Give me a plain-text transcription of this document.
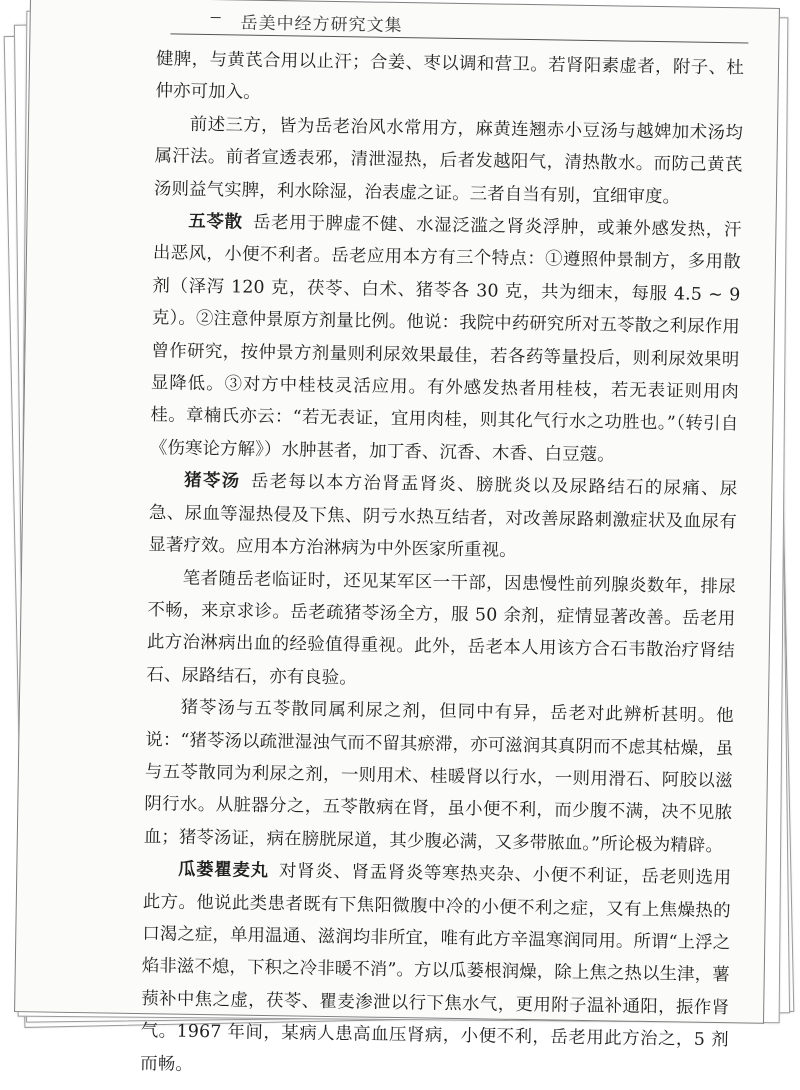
岳美中经方研究文集

健脾，与黄芪合用以止汗；合姜、枣以调和营卫。若肾阳素虚者，附子、杜仲亦可加入。

前述三方，皆为岳老治风水常用方，麻黄连翘赤小豆汤与越婢加术汤均属汗法。前者宣透表邪，清泄湿热，后者发越阳气，清热散水。而防己黄芪汤则益气实脾，利水除湿，治表虚之证。三者自当有别，宜细审度。

五苓散 岳老用于脾虚不健、水湿泛滥之肾炎浮肿，或兼外感发热，汗出恶风，小便不利者。岳老应用本方有三个特点：①遵照仲景制方，多用散剂（泽泻 120 克，茯苓、白术、猪苓各 30 克，共为细末，每服 4.5 ~ 9 克）。②注意仲景原方剂量比例。他说：我院中药研究所对五苓散之利尿作用曾作研究，按仲景方剂量则利尿效果最佳，若各药等量投后，则利尿效果明显降低。③对方中桂枝灵活应用。有外感发热者用桂枝，若无表证则用肉桂。章楠氏亦云：“若无表证，宜用肉桂，则其化气行水之功胜也。”（转引自《伤寒论方解》）水肿甚者，加丁香、沉香、木香、白豆蔻。

猪苓汤 岳老每以本方治肾盂肾炎、膀胱炎以及尿路结石的尿痛、尿急、尿血等湿热侵及下焦、阴亏水热互结者，对改善尿路刺激症状及血尿有显著疗效。应用本方治淋病为中外医家所重视。

笔者随岳老临证时，还见某军区一干部，因患慢性前列腺炎数年，排尿不畅，来京求诊。岳老疏猪苓汤全方，服 50 余剂，症情显著改善。岳老用此方治淋病出血的经验值得重视。此外，岳老本人用该方合石韦散治疗肾结石、尿路结石，亦有良验。

猪苓汤与五苓散同属利尿之剂，但同中有异，岳老对此辨析甚明。他说：“猪苓汤以疏泄湿浊气而不留其瘀滞，亦可滋润其真阴而不虑其枯燥，虽与五苓散同为利尿之剂，一则用术、桂暖肾以行水，一则用滑石、阿胶以滋阴行水。从脏器分之，五苓散病在肾，虽小便不利，而少腹不满，决不见脓血；猪苓汤证，病在膀胱尿道，其少腹必满，又多带脓血。”所论极为精辟。

瓜蒌瞿麦丸 对肾炎、肾盂肾炎等寒热夹杂、小便不利证，岳老则选用此方。他说此类患者既有下焦阳微腹中冷的小便不利之症，又有上焦燥热的口渴之症，单用温通、滋润均非所宜，唯有此方辛温寒润同用。所谓“上浮之焰非滋不熄，下积之冷非暖不消”。方以瓜蒌根润燥，除上焦之热以生津，薯蓣补中焦之虚，茯苓、瞿麦渗泄以行下焦水气，更用附子温补通阳，振作肾气。1967 年间，某病人患高血压肾病，小便不利，岳老用此方治之，5 剂而畅。
